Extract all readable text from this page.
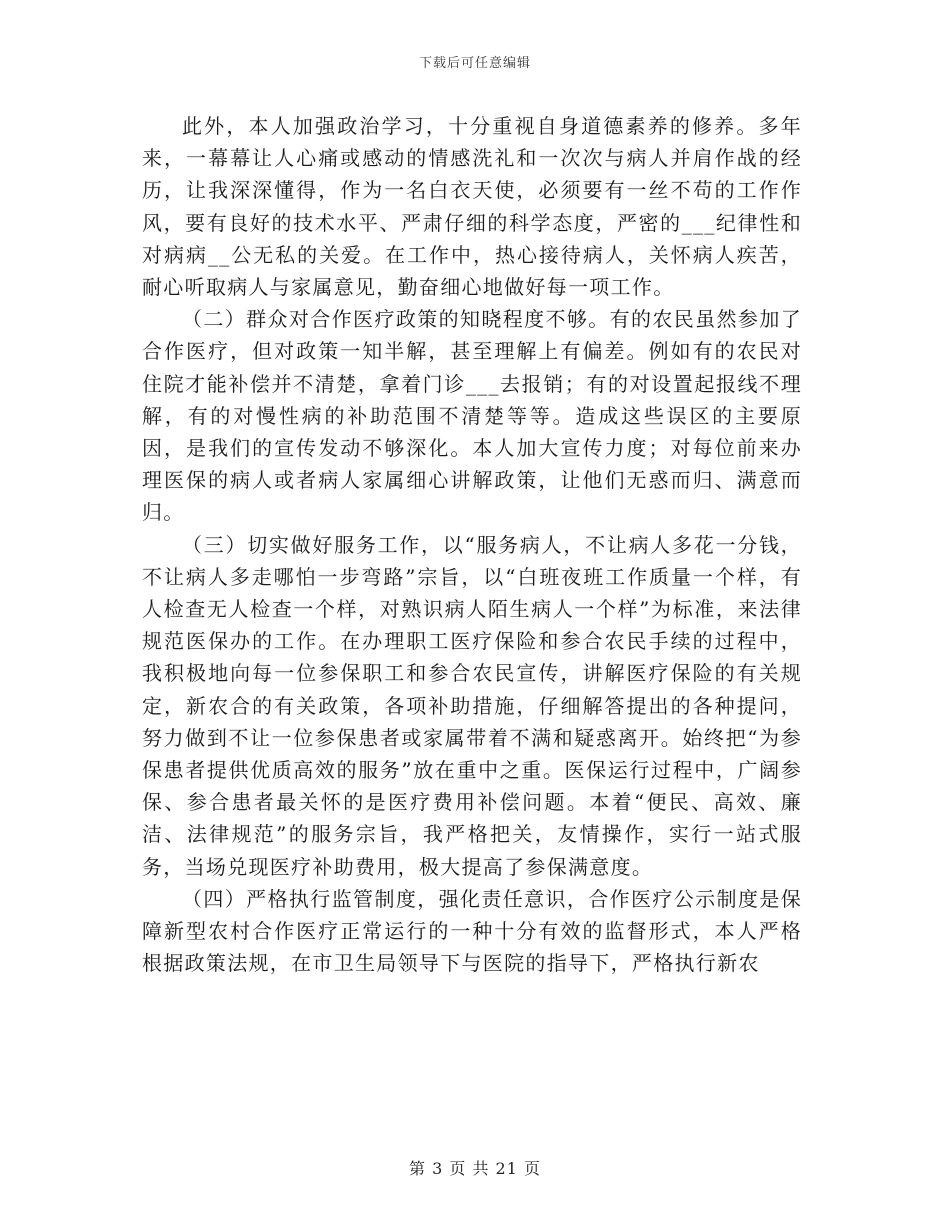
下载后可任意编辑

此外，本人加强政治学习，十分重视自身道德素养的修养。多年来，一幕幕让人心痛或感动的情感洗礼和一次次与病人并肩作战的经历，让我深深懂得，作为一名白衣天使，必须要有一丝不苟的工作作风，要有良好的技术水平、严肃仔细的科学态度，严密的___纪律性和对病病__公无私的关爱。在工作中，热心接待病人，关怀病人疾苦，耐心听取病人与家属意见，勤奋细心地做好每一项工作。

（二）群众对合作医疗政策的知晓程度不够。有的农民虽然参加了合作医疗，但对政策一知半解，甚至理解上有偏差。例如有的农民对住院才能补偿并不清楚，拿着门诊___去报销；有的对设置起报线不理解，有的对慢性病的补助范围不清楚等等。造成这些误区的主要原因，是我们的宣传发动不够深化。本人加大宣传力度；对每位前来办理医保的病人或者病人家属细心讲解政策，让他们无惑而归、满意而归。

（三）切实做好服务工作，以“服务病人，不让病人多花一分钱，不让病人多走哪怕一步弯路”宗旨，以“白班夜班工作质量一个样，有人检查无人检查一个样，对熟识病人陌生病人一个样”为标准，来法律规范医保办的工作。在办理职工医疗保险和参合农民手续的过程中，我积极地向每一位参保职工和参合农民宣传，讲解医疗保险的有关规定，新农合的有关政策，各项补助措施，仔细解答提出的各种提问，努力做到不让一位参保患者或家属带着不满和疑惑离开。始终把“为参保患者提供优质高效的服务”放在重中之重。医保运行过程中，广阔参保、参合患者最关怀的是医疗费用补偿问题。本着“便民、高效、廉洁、法律规范”的服务宗旨，我严格把关，友情操作，实行一站式服务，当场兑现医疗补助费用，极大提高了参保满意度。

（四）严格执行监管制度，强化责任意识，合作医疗公示制度是保障新型农村合作医疗正常运行的一种十分有效的监督形式，本人严格根据政策法规，在市卫生局领导下与医院的指导下，严格执行新农

第 3 页 共 21 页
